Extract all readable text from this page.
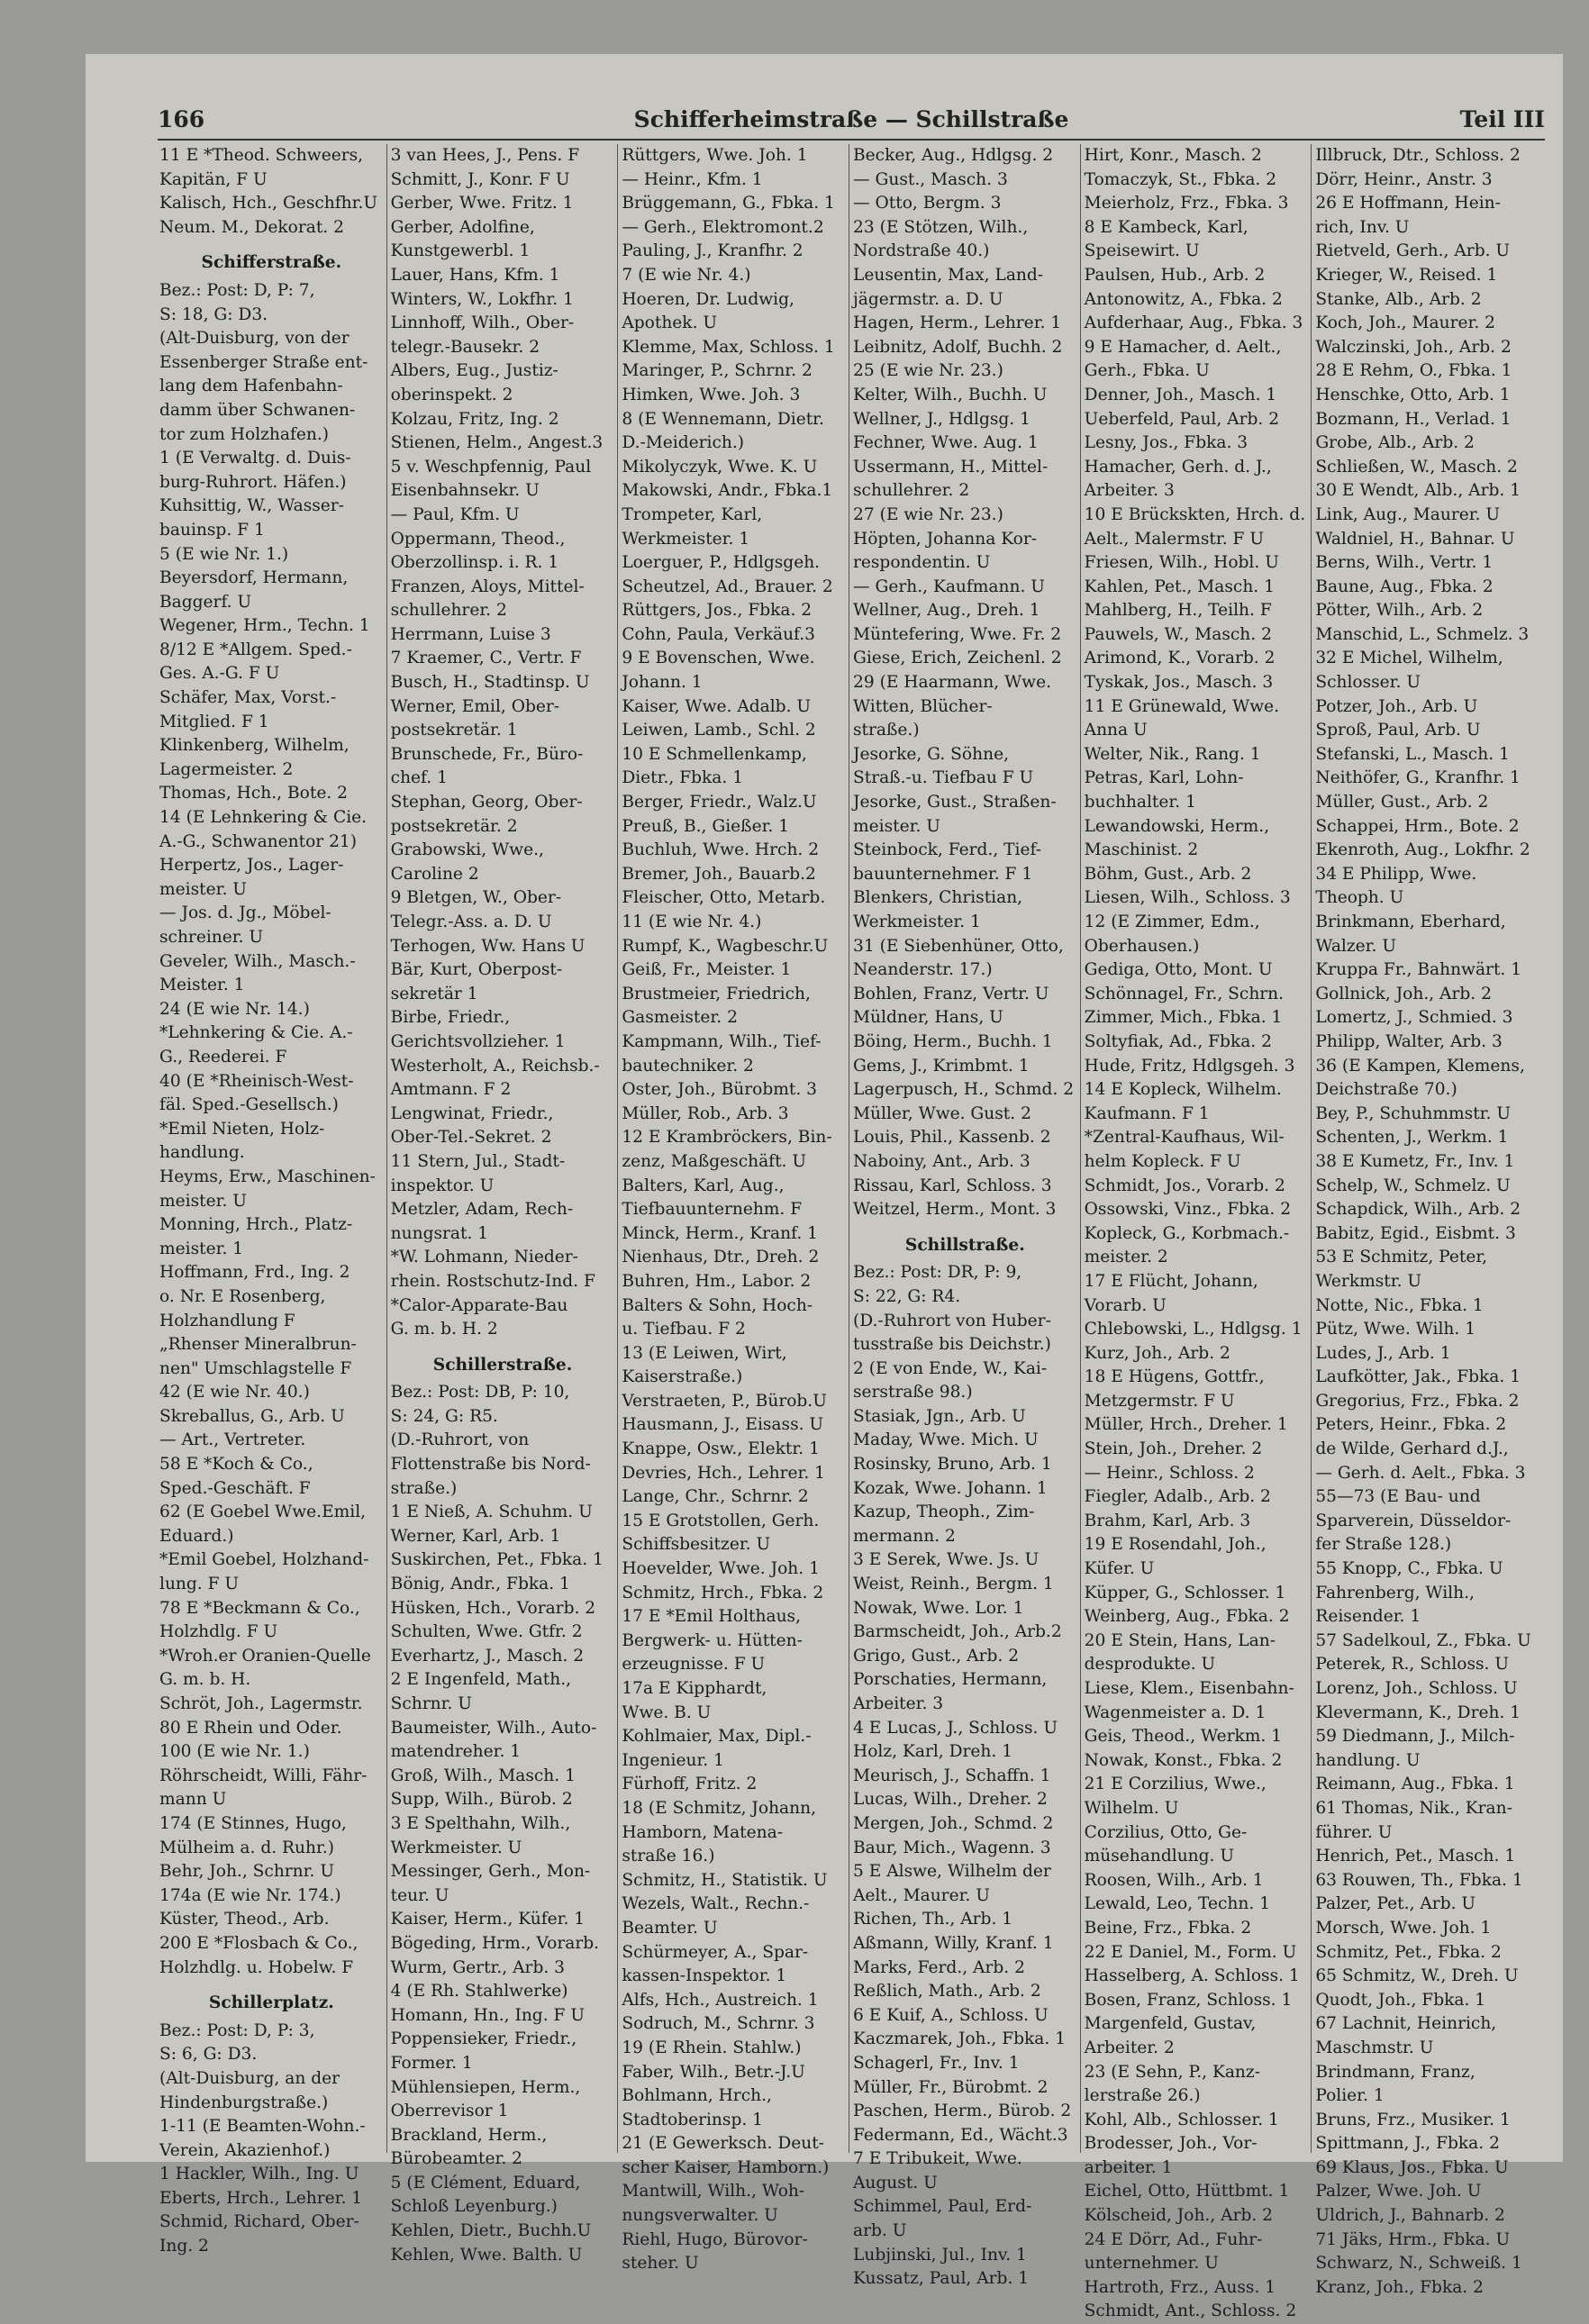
166	Schifferheimstraße — Schillstraße	Teil III
11 E *Theod. Schweers,
Kapitän, F U
Kalisch, Hch., Geschfhr.U
Neum. M., Dekorat. 2
Schifferstraße.
Bez.: Post: D, P: 7,
S: 18, G: D3.
(Alt-Duisburg, von der
Essenberger Straße ent-
lang dem Hafenbahn-
damm über Schwanen-
tor zum Holzhafen.)
1 (E Verwaltg. d. Duis-
burg-Ruhrort. Häfen.)
Kuhsittig, W., Wasser-
bauinsp. F 1
5 (E wie Nr. 1.)
Beyersdorf, Hermann,
Baggerf. U
Wegener, Hrm., Techn. 1
8/12 E *Allgem. Sped.-
Ges. A.-G. F U
Schäfer, Max, Vorst.-
Mitglied. F 1
Klinkenberg, Wilhelm,
Lagermeister. 2
Thomas, Hch., Bote. 2
14 (E Lehnkering & Cie.
A.-G., Schwanentor 21)
Herpertz, Jos., Lager-
meister. U
— Jos. d. Jg., Möbel-
schreiner. U
Geveler, Wilh., Masch.-
Meister. 1
24 (E wie Nr. 14.)
*Lehnkering & Cie. A.-
G., Reederei. F
40 (E *Rheinisch-West-
fäl. Sped.-Gesellsch.)
*Emil Nieten, Holz-
handlung.
Heyms, Erw., Maschinen-
meister. U
Monning, Hrch., Platz-
meister. 1
Hoffmann, Frd., Ing. 2
o. Nr. E Rosenberg,
Holzhandlung F
„Rhenser Mineralbrun-
nen" Umschlagstelle F
42 (E wie Nr. 40.)
Skreballus, G., Arb. U
— Art., Vertreter.
58 E *Koch & Co.,
Sped.-Geschäft. F
62 (E Goebel Wwe.Emil,
Eduard.)
*Emil Goebel, Holzhand-
lung. F U
78 E *Beckmann & Co.,
Holzhdlg. F U
*Wroh.er Oranien-Quelle
G. m. b. H.
Schröt, Joh., Lagermstr.
80 E Rhein und Oder.
100 (E wie Nr. 1.)
Röhrscheidt, Willi, Fähr-
mann U
174 (E Stinnes, Hugo,
Mülheim a. d. Ruhr.)
Behr, Joh., Schrnr. U
174a (E wie Nr. 174.)
Küster, Theod., Arb.
200 E *Flosbach & Co.,
Holzhdlg. u. Hobelw. F
Schillerplatz.
Bez.: Post: D, P: 3,
S: 6, G: D3.
(Alt-Duisburg, an der
Hindenburgstraße.)
1-11 (E Beamten-Wohn.-
Verein, Akazienhof.)
1 Hackler, Wilh., Ing. U
Eberts, Hrch., Lehrer. 1
Schmid, Richard, Ober-
Ing. 2
3 van Hees, J., Pens. F
Schmitt, J., Konr. F U
Gerber, Wwe. Fritz. 1
Gerber, Adolfine,
Kunstgewerbl. 1
Lauer, Hans, Kfm. 1
Winters, W., Lokfhr. 1
Linnhoff, Wilh., Ober-
telegr.-Bausekr. 2
Albers, Eug., Justiz-
oberinspekt. 2
Kolzau, Fritz, Ing. 2
Stienen, Helm., Angest.3
5 v. Weschpfennig, Paul
Eisenbahnsekr. U
— Paul, Kfm. U
Oppermann, Theod.,
Oberzollinsp. i. R. 1
Franzen, Aloys, Mittel-
schullehrer. 2
Herrmann, Luise 3
7 Kraemer, C., Vertr. F
Busch, H., Stadtinsp. U
Werner, Emil, Ober-
postsekretär. 1
Brunschede, Fr., Büro-
chef. 1
Stephan, Georg, Ober-
postsekretär. 2
Grabowski, Wwe.,
Caroline 2
9 Bletgen, W., Ober-
Telegr.-Ass. a. D. U
Terhogen, Ww. Hans U
Bär, Kurt, Oberpost-
sekretär 1
Birbe, Friedr.,
Gerichtsvollzieher. 1
Westerholt, A., Reichsb.-
Amtmann. F 2
Lengwinat, Friedr.,
Ober-Tel.-Sekret. 2
11 Stern, Jul., Stadt-
inspektor. U
Metzler, Adam, Rech-
nungsrat. 1
*W. Lohmann, Nieder-
rhein. Rostschutz-Ind. F
*Calor-Apparate-Bau
G. m. b. H. 2
Schillerstraße.
Bez.: Post: DB, P: 10,
S: 24, G: R5.
(D.-Ruhrort, von
Flottenstraße bis Nord-
straße.)
1 E Nieß, A. Schuhm. U
Werner, Karl, Arb. 1
Suskirchen, Pet., Fbka. 1
Bönig, Andr., Fbka. 1
Hüsken, Hch., Vorarb. 2
Schulten, Wwe. Gtfr. 2
Everhartz, J., Masch. 2
2 E Ingenfeld, Math.,
Schrnr. U
Baumeister, Wilh., Auto-
matendreher. 1
Groß, Wilh., Masch. 1
Supp, Wilh., Bürob. 2
3 E Spelthahn, Wilh.,
Werkmeister. U
Messinger, Gerh., Mon-
teur. U
Kaiser, Herm., Küfer. 1
Bögeding, Hrm., Vorarb.
Wurm, Gertr., Arb. 3
4 (E Rh. Stahlwerke)
Homann, Hn., Ing. F U
Poppensieker, Friedr.,
Former. 1
Mühlensiepen, Herm.,
Oberrevisor 1
Brackland, Herm.,
Bürobeamter. 2
5 (E Clément, Eduard,
Schloß Leyenburg.)
Kehlen, Dietr., Buchh.U
Kehlen, Wwe. Balth. U
Rüttgers, Wwe. Joh. 1
— Heinr., Kfm. 1
Brüggemann, G., Fbka. 1
— Gerh., Elektromont.2
Pauling, J., Kranfhr. 2
7 (E wie Nr. 4.)
Hoeren, Dr. Ludwig,
Apothek. U
Klemme, Max, Schloss. 1
Maringer, P., Schrnr. 2
Himken, Wwe. Joh. 3
8 (E Wennemann, Dietr.
D.-Meiderich.)
Mikolyczyk, Wwe. K. U
Makowski, Andr., Fbka.1
Trompeter, Karl,
Werkmeister. 1
Loerguer, P., Hdlgsgeh.
Scheutzel, Ad., Brauer. 2
Rüttgers, Jos., Fbka. 2
Cohn, Paula, Verkäuf.3
9 E Bovenschen, Wwe.
Johann. 1
Kaiser, Wwe. Adalb. U
Leiwen, Lamb., Schl. 2
10 E Schmellenkamp,
Dietr., Fbka. 1
Berger, Friedr., Walz.U
Preuß, B., Gießer. 1
Buchluh, Wwe. Hrch. 2
Bremer, Joh., Bauarb.2
Fleischer, Otto, Metarb.
11 (E wie Nr. 4.)
Rumpf, K., Wagbeschr.U
Geiß, Fr., Meister. 1
Brustmeier, Friedrich,
Gasmeister. 2
Kampmann, Wilh., Tief-
bautechniker. 2
Oster, Joh., Bürobmt. 3
Müller, Rob., Arb. 3
12 E Krambröckers, Bin-
zenz, Maßgeschäft. U
Balters, Karl, Aug.,
Tiefbauunternehm. F
Minck, Herm., Kranf. 1
Nienhaus, Dtr., Dreh. 2
Buhren, Hm., Labor. 2
Balters & Sohn, Hoch-
u. Tiefbau. F 2
13 (E Leiwen, Wirt,
Kaiserstraße.)
Verstraeten, P., Bürob.U
Hausmann, J., Eisass. U
Knappe, Osw., Elektr. 1
Devries, Hch., Lehrer. 1
Lange, Chr., Schrnr. 2
15 E Grotstollen, Gerh.
Schiffsbesitzer. U
Hoevelder, Wwe. Joh. 1
Schmitz, Hrch., Fbka. 2
17 E *Emil Holthaus,
Bergwerk- u. Hütten-
erzeugnisse. F U
17a E Kipphardt,
Wwe. B. U
Kohlmaier, Max, Dipl.-
Ingenieur. 1
Fürhoff, Fritz. 2
18 (E Schmitz, Johann,
Hamborn, Matena-
straße 16.)
Schmitz, H., Statistik. U
Wezels, Walt., Rechn.-
Beamter. U
Schürmeyer, A., Spar-
kassen-Inspektor. 1
Alfs, Hch., Austreich. 1
Sodruch, M., Schrnr. 3
19 (E Rhein. Stahlw.)
Faber, Wilh., Betr.-J.U
Bohlmann, Hrch.,
Stadtoberinsp. 1
21 (E Gewerksch. Deut-
scher Kaiser, Hamborn.)
Mantwill, Wilh., Woh-
nungsverwalter. U
Riehl, Hugo, Bürovor-
steher. U
Becker, Aug., Hdlgsg. 2
— Gust., Masch. 3
— Otto, Bergm. 3
23 (E Stötzen, Wilh.,
Nordstraße 40.)
Leusentin, Max, Land-
jägermstr. a. D. U
Hagen, Herm., Lehrer. 1
Leibnitz, Adolf, Buchh. 2
25 (E wie Nr. 23.)
Kelter, Wilh., Buchh. U
Wellner, J., Hdlgsg. 1
Fechner, Wwe. Aug. 1
Ussermann, H., Mittel-
schullehrer. 2
27 (E wie Nr. 23.)
Höpten, Johanna Kor-
respondentin. U
— Gerh., Kaufmann. U
Wellner, Aug., Dreh. 1
Müntefering, Wwe. Fr. 2
Giese, Erich, Zeichenl. 2
29 (E Haarmann, Wwe.
Witten, Blücher-
straße.)
Jesorke, G. Söhne,
Straß.-u. Tiefbau F U
Jesorke, Gust., Straßen-
meister. U
Steinbock, Ferd., Tief-
bauunternehmer. F 1
Blenkers, Christian,
Werkmeister. 1
31 (E Siebenhüner, Otto,
Neanderstr. 17.)
Bohlen, Franz, Vertr. U
Müldner, Hans, U
Böing, Herm., Buchh. 1
Gems, J., Krimbmt. 1
Lagerpusch, H., Schmd. 2
Müller, Wwe. Gust. 2
Louis, Phil., Kassenb. 2
Naboiny, Ant., Arb. 3
Rissau, Karl, Schloss. 3
Weitzel, Herm., Mont. 3
Schillstraße.
Bez.: Post: DR, P: 9,
S: 22, G: R4.
(D.-Ruhrort von Huber-
tusstraße bis Deichstr.)
2 (E von Ende, W., Kai-
serstraße 98.)
Stasiak, Jgn., Arb. U
Maday, Wwe. Mich. U
Rosinsky, Bruno, Arb. 1
Kozak, Wwe. Johann. 1
Kazup, Theoph., Zim-
mermann. 2
3 E Serek, Wwe. Js. U
Weist, Reinh., Bergm. 1
Nowak, Wwe. Lor. 1
Barmscheidt, Joh., Arb.2
Grigo, Gust., Arb. 2
Porschaties, Hermann,
Arbeiter. 3
4 E Lucas, J., Schloss. U
Holz, Karl, Dreh. 1
Meurisch, J., Schaffn. 1
Lucas, Wilh., Dreher. 2
Mergen, Joh., Schmd. 2
Baur, Mich., Wagenn. 3
5 E Alswe, Wilhelm der
Aelt., Maurer. U
Richen, Th., Arb. 1
Aßmann, Willy, Kranf. 1
Marks, Ferd., Arb. 2
Reßlich, Math., Arb. 2
6 E Kuif, A., Schloss. U
Kaczmarek, Joh., Fbka. 1
Schagerl, Fr., Inv. 1
Müller, Fr., Bürobmt. 2
Paschen, Herm., Bürob. 2
Federmann, Ed., Wächt.3
7 E Tribukeit, Wwe.
August. U
Schimmel, Paul, Erd-
arb. U
Lubjinski, Jul., Inv. 1
Kussatz, Paul, Arb. 1
Hirt, Konr., Masch. 2
Tomaczyk, St., Fbka. 2
Meierholz, Frz., Fbka. 3
8 E Kambeck, Karl,
Speisewirt. U
Paulsen, Hub., Arb. 2
Antonowitz, A., Fbka. 2
Aufderhaar, Aug., Fbka. 3
9 E Hamacher, d. Aelt.,
Gerh., Fbka. U
Denner, Joh., Masch. 1
Ueberfeld, Paul, Arb. 2
Lesny, Jos., Fbka. 3
Hamacher, Gerh. d. J.,
Arbeiter. 3
10 E Brückskten, Hrch. d.
Aelt., Malermstr. F U
Friesen, Wilh., Hobl. U
Kahlen, Pet., Masch. 1
Mahlberg, H., Teilh. F
Pauwels, W., Masch. 2
Arimond, K., Vorarb. 2
Tyskak, Jos., Masch. 3
11 E Grünewald, Wwe.
Anna U
Welter, Nik., Rang. 1
Petras, Karl, Lohn-
buchhalter. 1
Lewandowski, Herm.,
Maschinist. 2
Böhm, Gust., Arb. 2
Liesen, Wilh., Schloss. 3
12 (E Zimmer, Edm.,
Oberhausen.)
Gediga, Otto, Mont. U
Schönnagel, Fr., Schrn.
Zimmer, Mich., Fbka. 1
Soltyfiak, Ad., Fbka. 2
Hude, Fritz, Hdlgsgeh. 3
14 E Kopleck, Wilhelm.
Kaufmann. F 1
*Zentral-Kaufhaus, Wil-
helm Kopleck. F U
Schmidt, Jos., Vorarb. 2
Ossowski, Vinz., Fbka. 2
Kopleck, G., Korbmach.-
meister. 2
17 E Flücht, Johann,
Vorarb. U
Chlebowski, L., Hdlgsg. 1
Kurz, Joh., Arb. 2
18 E Hügens, Gottfr.,
Metzgermstr. F U
Müller, Hrch., Dreher. 1
Stein, Joh., Dreher. 2
— Heinr., Schloss. 2
Fiegler, Adalb., Arb. 2
Brahm, Karl, Arb. 3
19 E Rosendahl, Joh.,
Küfer. U
Küpper, G., Schlosser. 1
Weinberg, Aug., Fbka. 2
20 E Stein, Hans, Lan-
desprodukte. U
Liese, Klem., Eisenbahn-
Wagenmeister a. D. 1
Geis, Theod., Werkm. 1
Nowak, Konst., Fbka. 2
21 E Corzilius, Wwe.,
Wilhelm. U
Corzilius, Otto, Ge-
müsehandlung. U
Roosen, Wilh., Arb. 1
Lewald, Leo, Techn. 1
Beine, Frz., Fbka. 2
22 E Daniel, M., Form. U
Hasselberg, A. Schloss. 1
Bosen, Franz, Schloss. 1
Margenfeld, Gustav,
Arbeiter. 2
23 (E Sehn, P., Kanz-
lerstraße 26.)
Kohl, Alb., Schlosser. 1
Brodesser, Joh., Vor-
arbeiter. 1
Eichel, Otto, Hüttbmt. 1
Kölscheid, Joh., Arb. 2
24 E Dörr, Ad., Fuhr-
unternehmer. U
Hartroth, Frz., Auss. 1
Schmidt, Ant., Schloss. 2
Illbruck, Dtr., Schloss. 2
Dörr, Heinr., Anstr. 3
26 E Hoffmann, Hein-
rich, Inv. U
Rietveld, Gerh., Arb. U
Krieger, W., Reised. 1
Stanke, Alb., Arb. 2
Koch, Joh., Maurer. 2
Walczinski, Joh., Arb. 2
28 E Rehm, O., Fbka. 1
Henschke, Otto, Arb. 1
Bozmann, H., Verlad. 1
Grobe, Alb., Arb. 2
Schließen, W., Masch. 2
30 E Wendt, Alb., Arb. 1
Link, Aug., Maurer. U
Waldniel, H., Bahnar. U
Berns, Wilh., Vertr. 1
Baune, Aug., Fbka. 2
Pötter, Wilh., Arb. 2
Manschid, L., Schmelz. 3
32 E Michel, Wilhelm,
Schlosser. U
Potzer, Joh., Arb. U
Sproß, Paul, Arb. U
Stefanski, L., Masch. 1
Neithöfer, G., Kranfhr. 1
Müller, Gust., Arb. 2
Schappei, Hrm., Bote. 2
Ekenroth, Aug., Lokfhr. 2
34 E Philipp, Wwe.
Theoph. U
Brinkmann, Eberhard,
Walzer. U
Kruppa Fr., Bahnwärt. 1
Gollnick, Joh., Arb. 2
Lomertz, J., Schmied. 3
Philipp, Walter, Arb. 3
36 (E Kampen, Klemens,
Deichstraße 70.)
Bey, P., Schuhmmstr. U
Schenten, J., Werkm. 1
38 E Kumetz, Fr., Inv. 1
Schelp, W., Schmelz. U
Schapdick, Wilh., Arb. 2
Babitz, Egid., Eisbmt. 3
53 E Schmitz, Peter,
Werkmstr. U
Notte, Nic., Fbka. 1
Pütz, Wwe. Wilh. 1
Ludes, J., Arb. 1
Laufkötter, Jak., Fbka. 1
Gregorius, Frz., Fbka. 2
Peters, Heinr., Fbka. 2
de Wilde, Gerhard d.J.,
— Gerh. d. Aelt., Fbka. 3
55—73 (E Bau- und
Sparverein, Düsseldor-
fer Straße 128.)
55 Knopp, C., Fbka. U
Fahrenberg, Wilh.,
Reisender. 1
57 Sadelkoul, Z., Fbka. U
Peterek, R., Schloss. U
Lorenz, Joh., Schloss. U
Klevermann, K., Dreh. 1
59 Diedmann, J., Milch-
handlung. U
Reimann, Aug., Fbka. 1
61 Thomas, Nik., Kran-
führer. U
Henrich, Pet., Masch. 1
63 Rouwen, Th., Fbka. 1
Palzer, Pet., Arb. U
Morsch, Wwe. Joh. 1
Schmitz, Pet., Fbka. 2
65 Schmitz, W., Dreh. U
Quodt, Joh., Fbka. 1
67 Lachnit, Heinrich,
Maschmstr. U
Brindmann, Franz,
Polier. 1
Bruns, Frz., Musiker. 1
Spittmann, J., Fbka. 2
69 Klaus, Jos., Fbka. U
Palzer, Wwe. Joh. U
Uldrich, J., Bahnarb. 2
71 Jäks, Hrm., Fbka. U
Schwarz, N., Schweiß. 1
Kranz, Joh., Fbka. 2
